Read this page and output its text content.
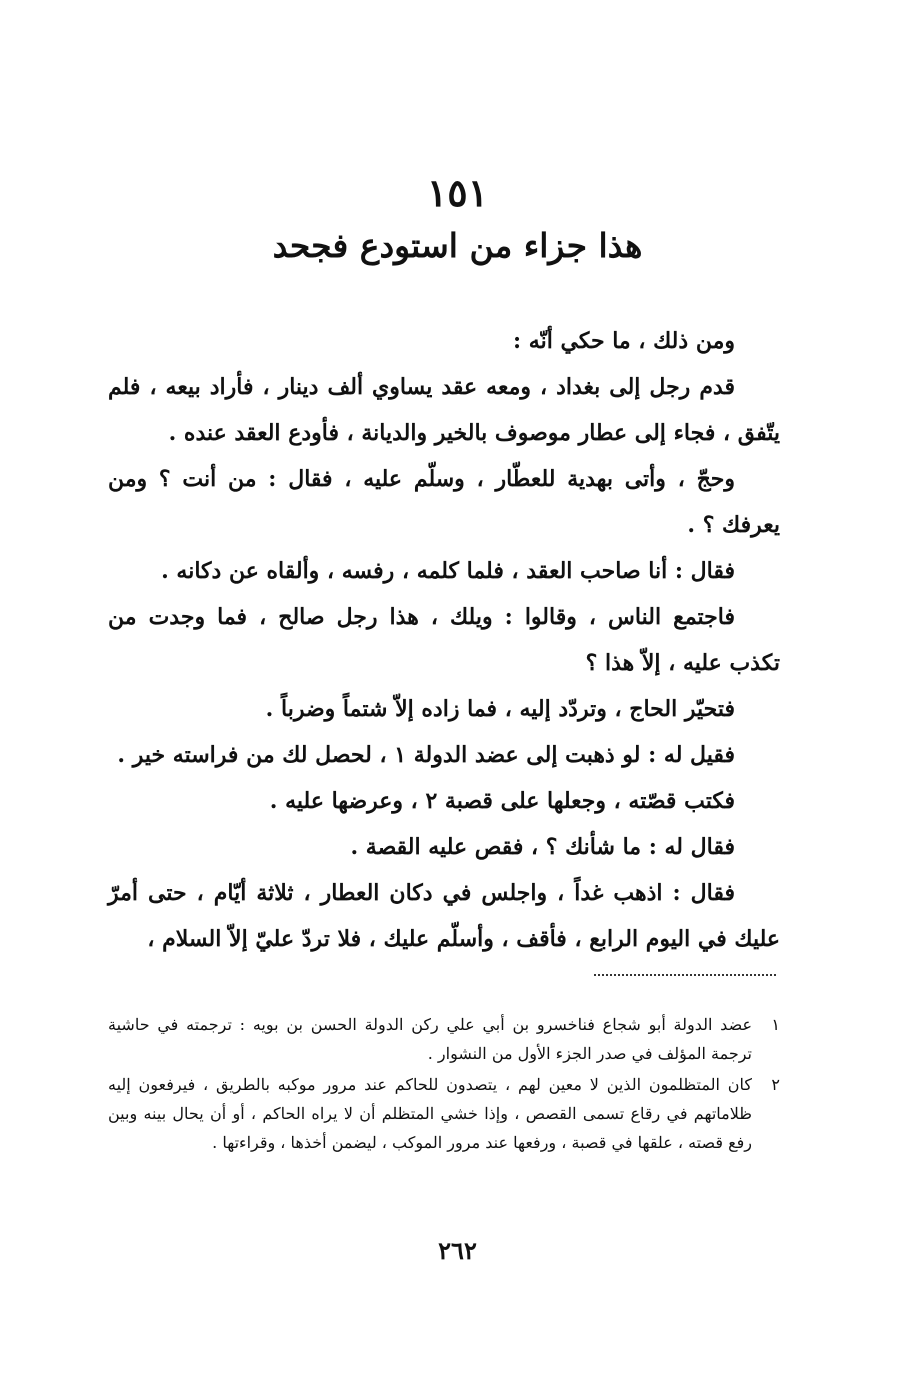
١٥١
هذا جزاء من استودع فجحد

ومن ذلك ، ما حكي أنّه :

قدم رجل إلى بغداد ، ومعه عقد يساوي ألف دينار ، فأراد بيعه ، فلم يتّفق ، فجاء إلى عطار موصوف بالخير والديانة ، فأودع العقد عنده .

وحجّ ، وأتى بهدية للعطّار ، وسلّم عليه ، فقال : من أنت ؟ ومن يعرفك ؟ .

فقال : أنا صاحب العقد ، فلما كلمه ، رفسه ، وألقاه عن دكانه .

فاجتمع الناس ، وقالوا : ويلك ، هذا رجل صالح ، فما وجدت من تكذب عليه ، إلاّ هذا ؟

فتحيّر الحاج ، وتردّد إليه ، فما زاده إلاّ شتماً وضرباً .

فقيل له : لو ذهبت إلى عضد الدولة ١ ، لحصل لك من فراسته خير .

فكتب قصّته ، وجعلها على قصبة ٢ ، وعرضها عليه .

فقال له : ما شأنك ؟ ، فقص عليه القصة .

فقال : اذهب غداً ، واجلس في دكان العطار ، ثلاثة أيّام ، حتى أمرّ عليك في اليوم الرابع ، فأقف ، وأسلّم عليك ، فلا تردّ عليّ إلاّ السلام ،

١
عضد الدولة أبو شجاع فناخسرو بن أبي علي ركن الدولة الحسن بن بويه : ترجمته في حاشية ترجمة المؤلف في صدر الجزء الأول من النشوار .
٢
كان المتظلمون الذين لا معين لهم ، يتصدون للحاكم عند مرور موكبه بالطريق ، فيرفعون إليه ظلاماتهم في رقاع تسمى القصص ، وإذا خشي المتظلم أن لا يراه الحاكم ، أو أن يحال بينه وبين رفع قصته ، علقها في قصبة ، ورفعها عند مرور الموكب ، ليضمن أخذها ، وقراءتها .
٢٦٢
